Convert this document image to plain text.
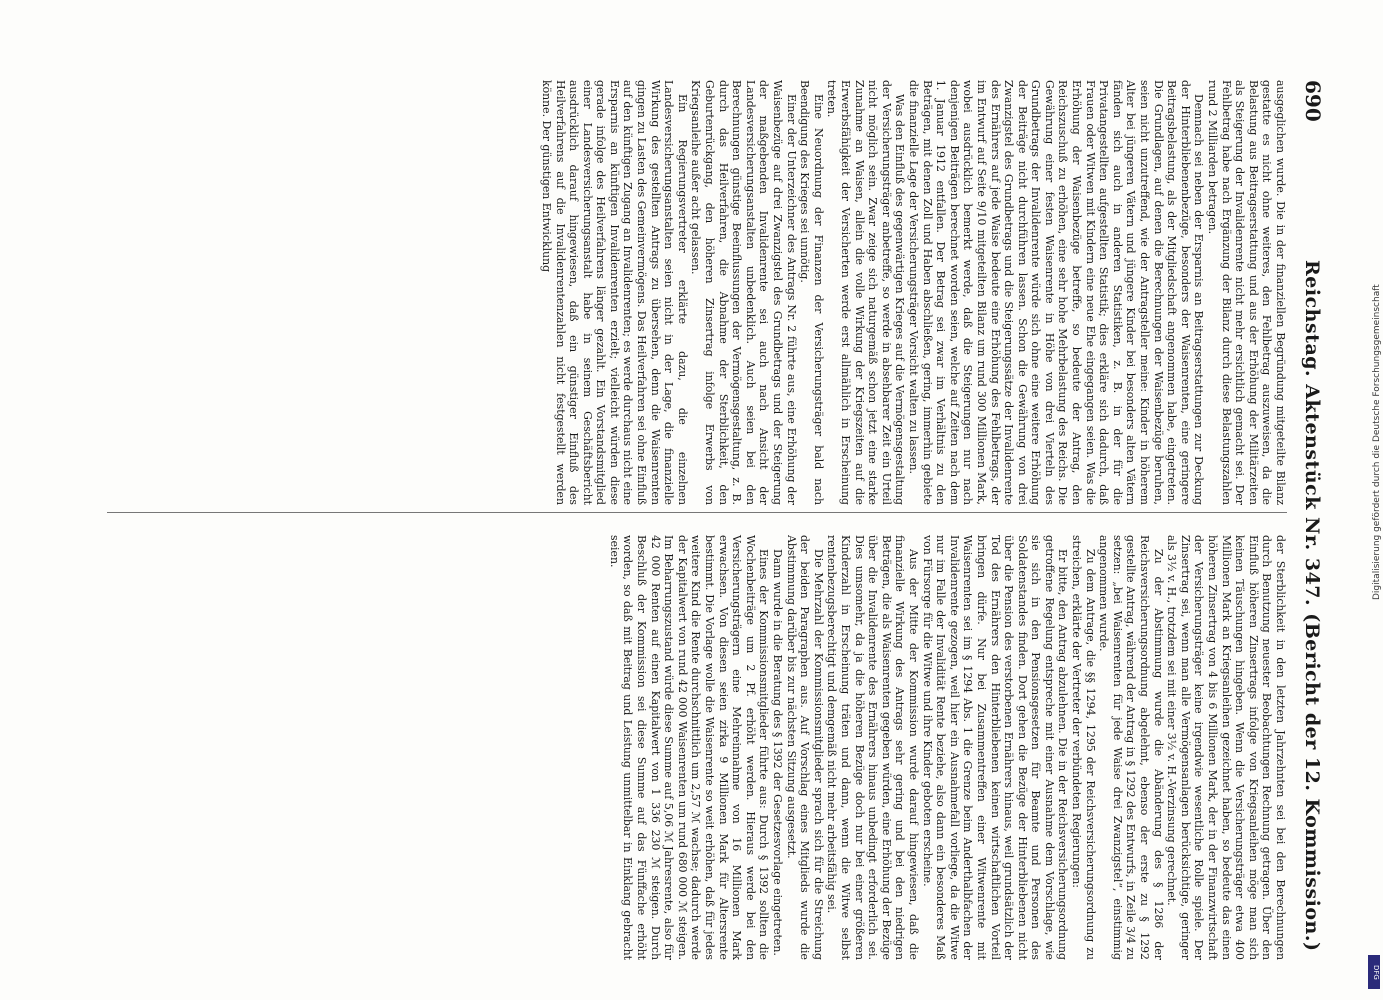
690
Reichstag. Aktenstück Nr. 347. (Bericht der 12. Kommission.)

ausgeglichen wurde. Die in der finanziellen Begründung mitgeteilte Bilanz gestatte es nicht ohne weiteres, den Fehlbetrag auszuweisen, da die Belastung aus Beitragserstattung und aus der Erhöhung der Militärzeiten als Steigerung der Invalidenrente nicht mehr ersichtlich gemacht sei. Der Fehlbetrag habe nach Ergänzung der Bilanz durch diese Belastungszahlen rund 2 Milliarden betragen.

Demnach sei neben der Ersparnis an Beitragserstattungen zur Deckung der Hinterbliebenenbezüge, besonders der Waisenrenten, eine geringere Beitragsbelastung, als der Mitgliedschaft angenommen habe, eingetreten. Die Grundlagen, auf denen die Berechnungen der Waisenbezüge beruhen, seien nicht unzutreffend, wie der Antragsteller meine: Kinder in höherem Alter bei jüngeren Vätern und jüngere Kinder bei besonders alten Vätern fänden sich auch in anderen Statistiken, z. B. in der für die Privatangestellten aufgestellten Statistik; dies erkläre sich dadurch, daß Frauen oder Witwen mit Kindern eine neue Ehe eingegangen seien. Was die Erhöhung der Waisenbezüge betreffe, so bedeute der Antrag, den Reichszuschuß zu erhöhen, eine sehr hohe Mehrbelastung des Reichs. Die Gewährung einer festen Waisenrente in Höhe von drei Vierteln des Grundbetrags der Invalidenrente würde sich ohne eine weitere Erhöhung der Beiträge nicht durchführen lassen. Schon die Gewährung von drei Zwanzigstel des Grundbetrags und die Steigerungssätze der Invalidenrente des Ernährers auf jede Waise bedeute eine Erhöhung des Fehlbetrags, der im Entwurf auf Seite 9/10 mitgeteilten Bilanz um rund 300 Millionen Mark, wobei ausdrücklich bemerkt werde, daß die Steigerungen nur nach denjenigen Beiträgen berechnet worden seien, welche auf Zeiten nach dem 1. Januar 1912 entfallen. Der Betrag sei zwar im Verhältnis zu den Beträgen, mit denen Zoll und Haben abschließen, gering, immerhin gebiete die finanzielle Lage der Versicherungsträger Vorsicht walten zu lassen.

Was den Einfluß des gegenwärtigen Krieges auf die Vermögensgestaltung der Versicherungsträger anbetreffe, so werde in absehbarer Zeit ein Urteil nicht möglich sein. Zwar zeige sich naturgemäß schon jetzt eine starke Zunahme an Waisen, allein die volle Wirkung der Kriegszeiten auf die Erwerbsfähigkeit der Versicherten werde erst allmählich in Erscheinung treten.

Eine Neuordnung der Finanzen der Versicherungsträger bald nach Beendigung des Krieges sei unnötig.

Einer der Unterzeichner des Antrags Nr. 2 führte aus, eine Erhöhung der Waisenbezüge auf drei Zwanzigstel des Grundbetrags und der Steigerung der maßgebenden Invalidenrente sei auch nach Ansicht der Landesversicherungsanstalten unbedenklich. Auch seien bei den Berechnungen günstige Beeinflussungen der Vermögensgestaltung, z. B. durch das Heilverfahren, die Abnahme der Sterblichkeit, den Geburtenrückgang, den höheren Zinsertrag infolge Erwerbs von Kriegsanleihe außer acht gelassen.

Ein Regierungsvertreter erklärte dazu, die einzelnen Landesversicherungsanstalten seien nicht in der Lage, die finanzielle Wirkung des gestellten Antrags zu übersehen, denn die Waisenrenten gingen zu Lasten des Gemeinvermögens. Das Heilverfahren sei ohne Einfluß auf den künftigen Zugang an Invalidenrenten; es werde durchaus nicht eine Ersparnis an künftigen Invalidenrenten erzielt; vielleicht würden diese gerade infolge des Heilverfahrens länger gezahlt. Ein Vorstandsmitglied einer Landesversicherungsanstalt habe in seinem Geschäftsbericht ausdrücklich darauf hingewiesen, daß ein günstiger Einfluß des Heilverfahrens auf die Invalidenrentenzahlen nicht festgestellt werden könne. Der günstigen Entwicklung

der Sterblichkeit in den letzten Jahrzehnten sei bei den Berechnungen durch Benutzung neuester Beobachtungen Rechnung getragen. Über den Einfluß höheren Zinsertrags infolge von Kriegsanleihen möge man sich keinen Täuschungen hingeben. Wenn die Versicherungsträger etwa 400 Millionen Mark an Kriegsanleihen gezeichnet haben, so bedeute das einen höheren Zinsertrag von 4 bis 6 Millionen Mark, der in der Finanzwirtschaft der Versicherungsträger keine irgendwie wesentliche Rolle spiele. Der Zinsertrag sei, wenn man alle Vermögensanlagen berücksichtige, geringer als 3½ v. H., trotzdem sei mit einer 3½ v. H.-Verzinsung gerechnet.

Zu der Abstimmung wurde die Abänderung des § 1286 der Reichsversicherungsordnung abgelehnt, ebenso der erste zu § 1292 gestellte Antrag, während der Antrag in § 1292 des Entwurfs, in Zeile 3/4 zu setzen: „bei Waisenrenten für jede Waise drei Zwanzigstel“, einstimmig angenommen wurde.

Zu dem Antrage, die §§ 1294, 1295 der Reichsversicherungsordnung zu streichen, erklärte der Vertreter der verbündeten Regierungen:

Er bitte, den Antrag abzulehnen. Die in der Reichsversicherungsordnung getroffene Regelung entspreche mit einer Ausnahme dem Vorschlage, wie sie sich in den Pensionsgesetzen für Beamte und Personen des Soldatenstandes finden. Dort gehen die Bezüge der Hinterbliebenen nicht über die Pension des verstorbenen Ernährers hinaus, weil grundsätzlich der Tod des Ernährers den Hinterbliebenen keinen wirtschaftlichen Vorteil bringen dürfe. Nur bei Zusammentreffen einer Witwenrente mit Waisenrenten sei im § 1294 Abs. 1 die Grenze beim Anderthalbfachen der Invalidenrente gezogen, weil hier ein Ausnahmefall vorliege, da die Witwe nur im Falle der Invalidität Rente beziehe, also dann ein besonderes Maß von Fürsorge für die Witwe und ihre Kinder geboten erscheine.

Aus der Mitte der Kommission wurde darauf hingewiesen, daß die finanzielle Wirkung des Antrags sehr gering und bei den niedrigen Beträgen, die als Waisenrenten gegeben würden, eine Erhöhung der Bezüge über die Invalidenrente des Ernährers hinaus unbedingt erforderlich sei. Dies umsomehr, da ja die höheren Bezüge doch nur bei einer größeren Kinderzahl in Erscheinung träten und dann, wenn die Witwe selbst rentenbezugsberechtigt und demgemäß nicht mehr arbeitsfähig sei.

Die Mehrzahl der Kommissionsmitglieder sprach sich für die Streichung der beiden Paragraphen aus. Auf Vorschlag eines Mitglieds wurde die Abstimmung darüber bis zur nächsten Sitzung ausgesetzt.

Dann wurde in die Beratung des § 1392 der Gesetzesvorlage eingetreten.

Eines der Kommissionsmitglieder führte aus: Durch § 1392 sollten die Wochenbeiträge um 2 Pf. erhöht werden. Hieraus werde bei den Versicherungsträgern eine Mehreinnahme von 16 Millionen Mark erwachsen. Von diesen seien zirka 9 Millionen Mark für Altersrente bestimmt. Die Vorlage wolle die Waisenrente so weit erhöhen, daß für jedes weitere Kind die Rente durchschnittlich um 2,57 ℳ wachse; dadurch werde der Kapitalwert von rund 42 000 Waisenrenten um rund 680 000 ℳ steigen. Im Beharrungszustand würde diese Summe auf 5,06 ℳ Jahresrente, also für 42 000 Renten auf einen Kapitalwert von 1 336 230 ℳ steigen. Durch Beschluß der Kommission sei diese Summe auf das Fünffache erhöht worden, so daß mit Beitrag und Leistung unmittelbar in Einklang gebracht seien.	Digitalisierung gefördert durch die Deutsche Forschungsgemeinschaft
DFG
